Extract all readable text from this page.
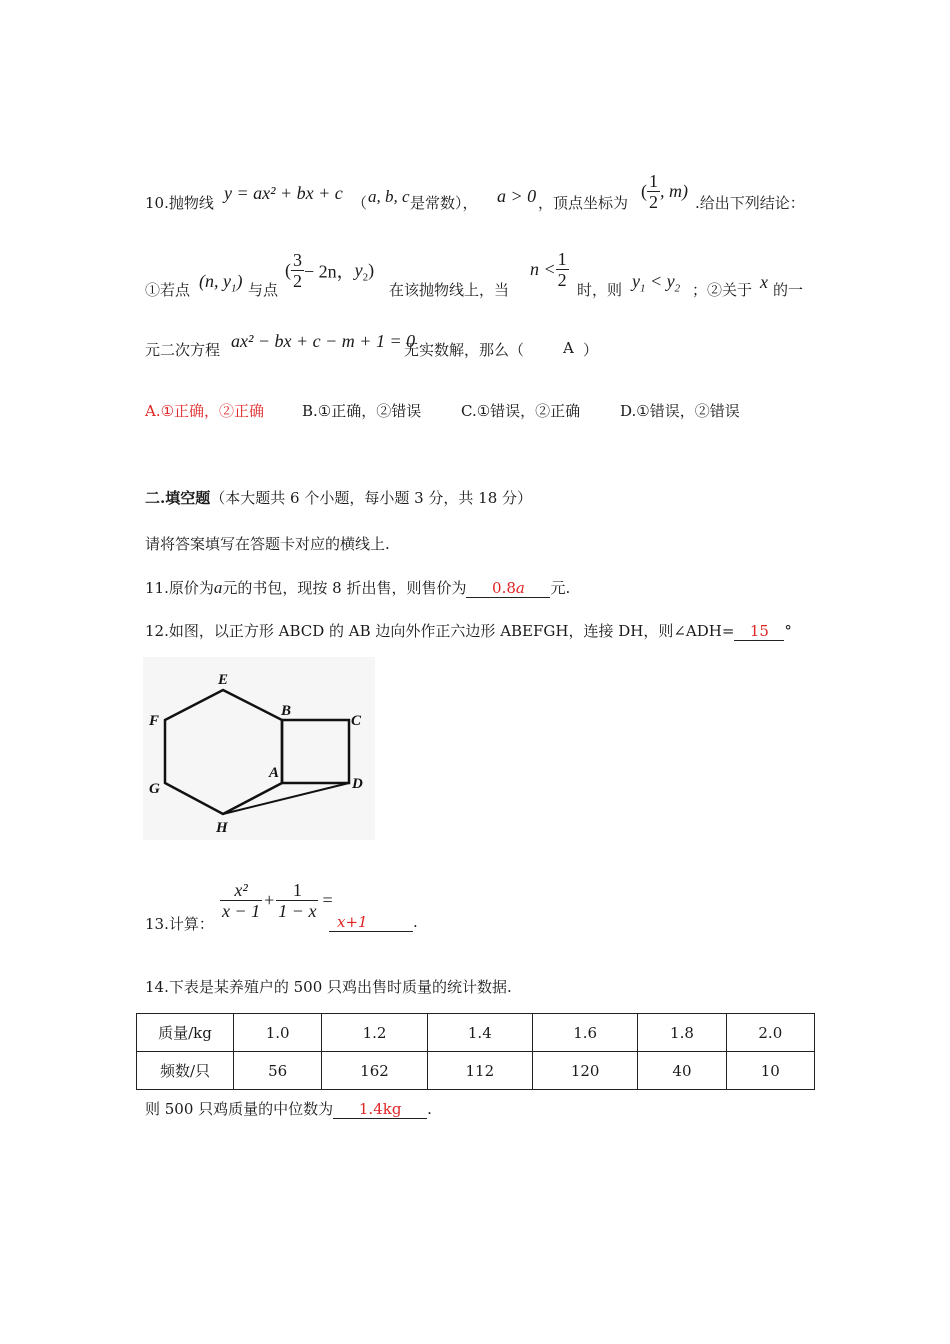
10.抛物线 y = ax² + bx + c （ a, b, c 是常数）， a > 0 ，顶点坐标为
( $\frac{1}{2}$ , m)
.给出下列结论：
①若点 (n, $y_1$) 与点
( $\frac{3}{2} - 2n$，$y_2$)
在该抛物线上，当
$n < \frac{1}{2}$ 时，则 $y_1 < y_2$ ；②关于 x 的一
元二次方程 ax² − bx + c − m + 1 = 0
无实数解，那么（	A ）
A.①正确，②正确	B.①正确，②错误	C.①错误，②正确	D.①错误，②错误
二.填空题（本大题共 6 个小题，每小题 3 分，共 18 分）
请将答案填写在答题卡对应的横线上.
11.原价为a元的书包，现按 8 折出售，则售价为 0.8a 元.
12.如图，以正方形 ABCD 的 AB 边向外作正六边形 ABEFGH，连接 DH，则∠ADH= 15 °
E
B
C
F
A
G	D
H
13.计算：
$\frac{\text{x²}}{x - 1} + \frac{1}{1 - x}$ =
x+1	.
14.下表是某养殖户的 500 只鸡出售时质量的统计数据.
质量/kg	1.0	1.2	1.4	1.6	1.8	2.0
频数/只	56	162	112	120	40	10
则 500 只鸡质量的中位数为 1.4kg .
